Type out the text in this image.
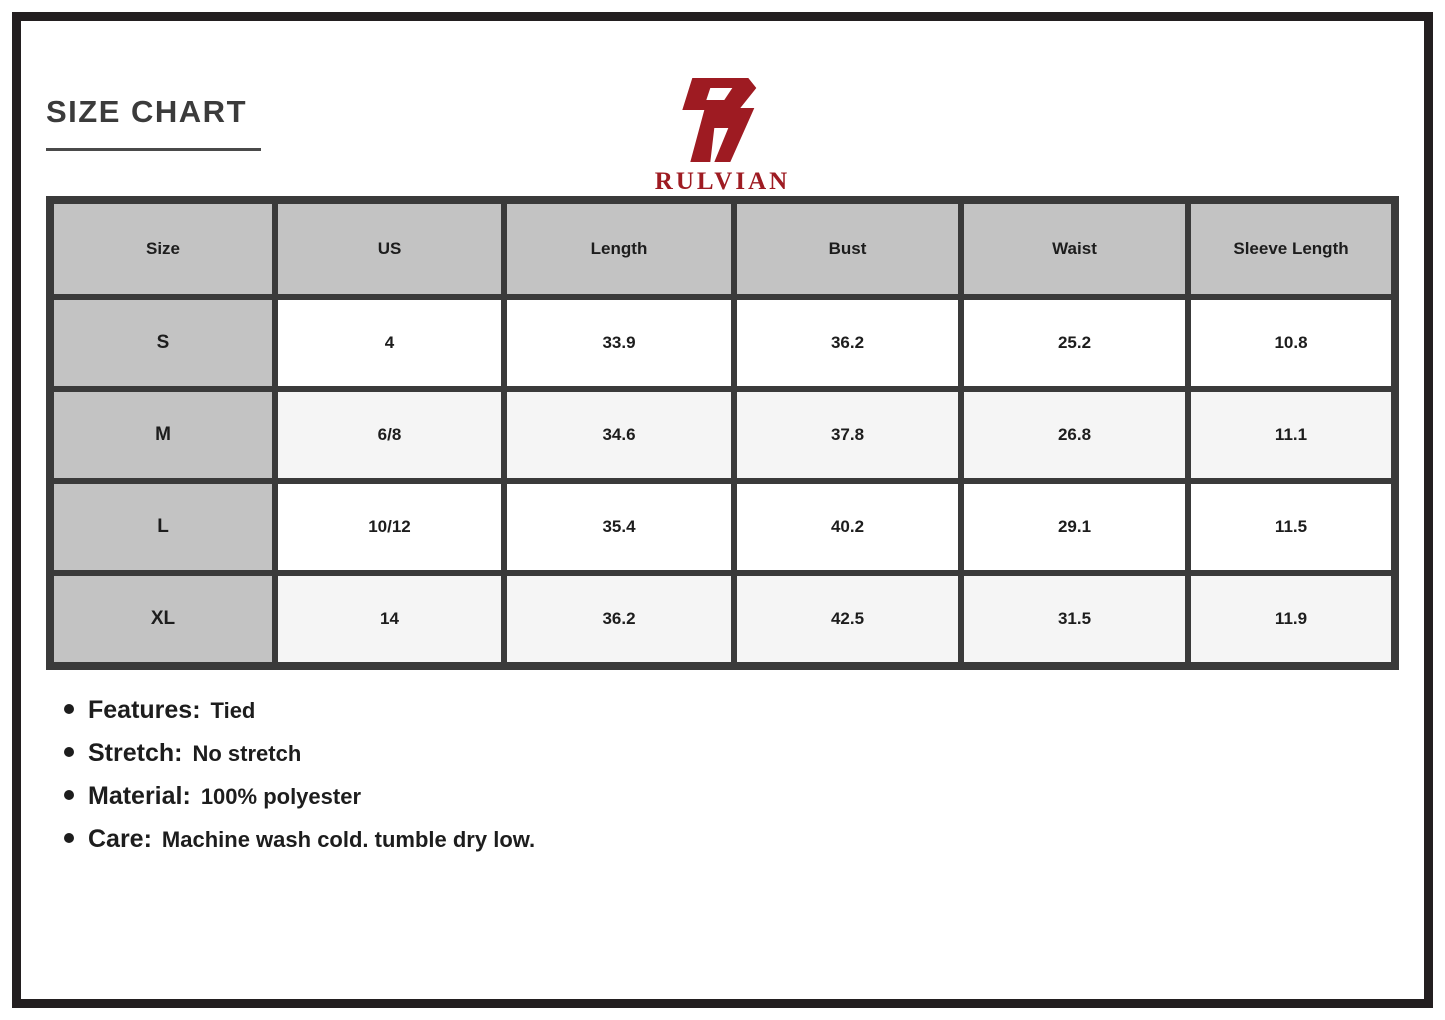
SIZE CHART
RULVIAN
Size	US	Length	Bust	Waist	Sleeve Length
S	4	33.9	36.2	25.2	10.8
M	6/8	34.6	37.8	26.8	11.1
L	10/12	35.4	40.2	29.1	11.5
XL	14	36.2	42.5	31.5	11.9
Features: Tied
Stretch: No stretch
Material: 100% polyester
Care: Machine wash cold. tumble dry low.
